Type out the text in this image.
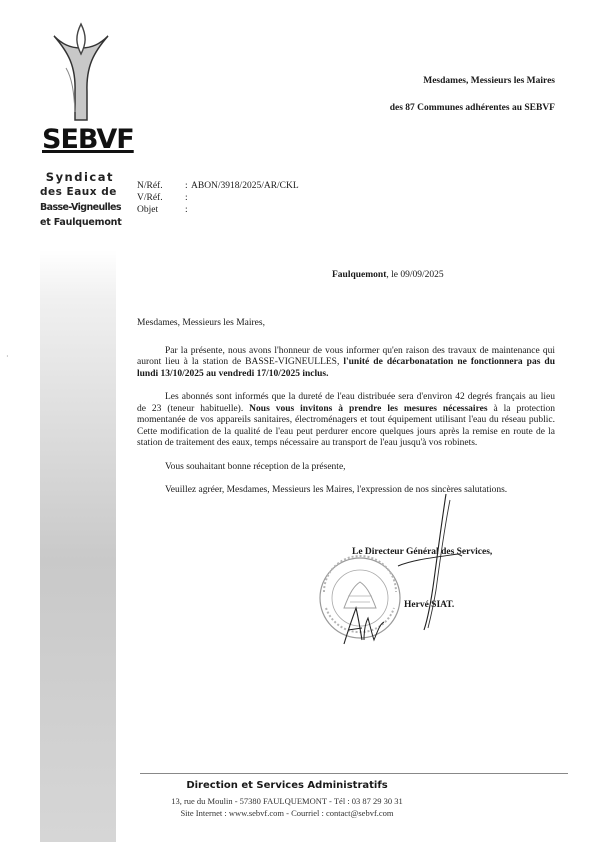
SEBVF
Syndicat
des Eaux de
Basse-Vigneulles
et Faulquemont
·
Mesdames, Messieurs les Maires
des 87 Communes adhérentes au SEBVF
N/Réf.	: ABON/3918/2025/AR/CKL
V/Réf.	:
Objet	:
Faulquemont, le 09/09/2025

Mesdames, Messieurs les Maires,

Par la présente, nous avons l'honneur de vous informer qu'en raison des travaux de maintenance qui auront lieu à la station de BASSE-VIGNEULLES, l'unité de décarbonatation ne fonctionnera pas du lundi 13/10/2025 au vendredi 17/10/2025 inclus.

Les abonnés sont informés que la dureté de l'eau distribuée sera d'environ 42 degrés français au lieu de 23 (teneur habituelle). Nous vous invitons à prendre les mesures nécessaires à la protection momentanée de vos appareils sanitaires, électroménagers et tout équipement utilisant l'eau du réseau public. Cette modification de la qualité de l'eau peut perdurer encore quelques jours après la remise en route de la station de traitement des eaux, temps nécessaire au transport de l'eau jusqu'à vos robinets.

Vous souhaitant bonne réception de la présente,

Veuillez agréer, Mesdames, Messieurs les Maires, l'expression de nos sincères salutations.

Le Directeur Général des Services,
Hervé SIAT.
Direction et Services Administratifs
13, rue du Moulin - 57380 FAULQUEMONT - Tél : 03 87 29 30 31
Site Internet : www.sebvf.com - Courriel : contact@sebvf.com
